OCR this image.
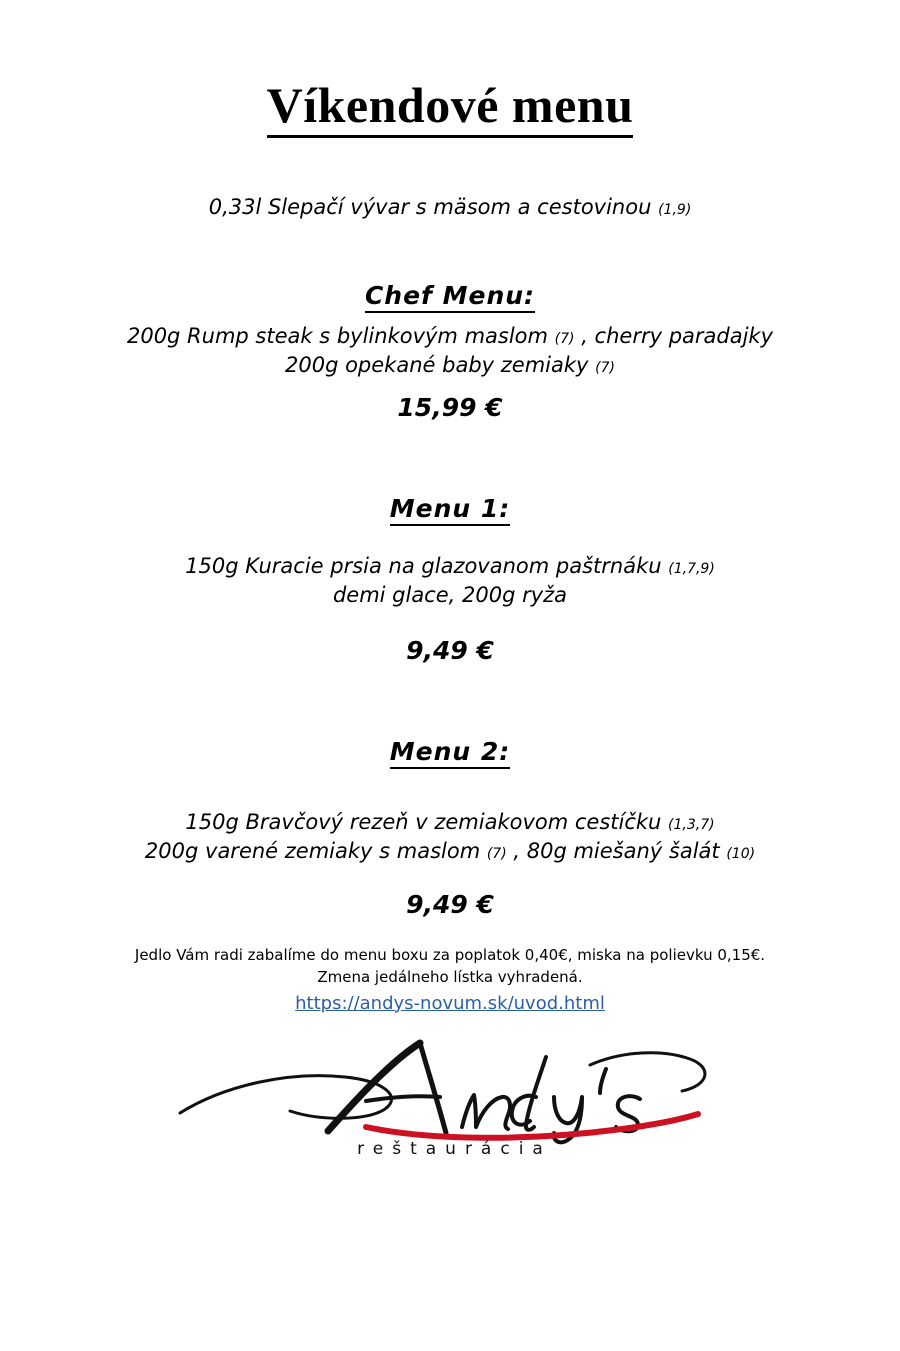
Víkendové menu
0,33l Slepačí vývar s mäsom a cestovinou (1,9)
Chef Menu:
200g Rump steak s bylinkovým maslom (7) , cherry paradajky
200g opekané baby zemiaky (7)
15,99 €
Menu 1:
150g Kuracie prsia na glazovanom paštrnáku (1,7,9)
demi glace, 200g ryža
9,49 €
Menu 2:
150g Bravčový rezeň v zemiakovom cestíčku (1,3,7)
200g varené zemiaky s maslom (7) , 80g miešaný šalát (10)
9,49 €
Jedlo Vám radi zabalíme do menu boxu za poplatok 0,40€, miska na polievku 0,15€.
Zmena jedálneho lístka vyhradená.
https://andys-novum.sk/uvod.html
reštaurácia
